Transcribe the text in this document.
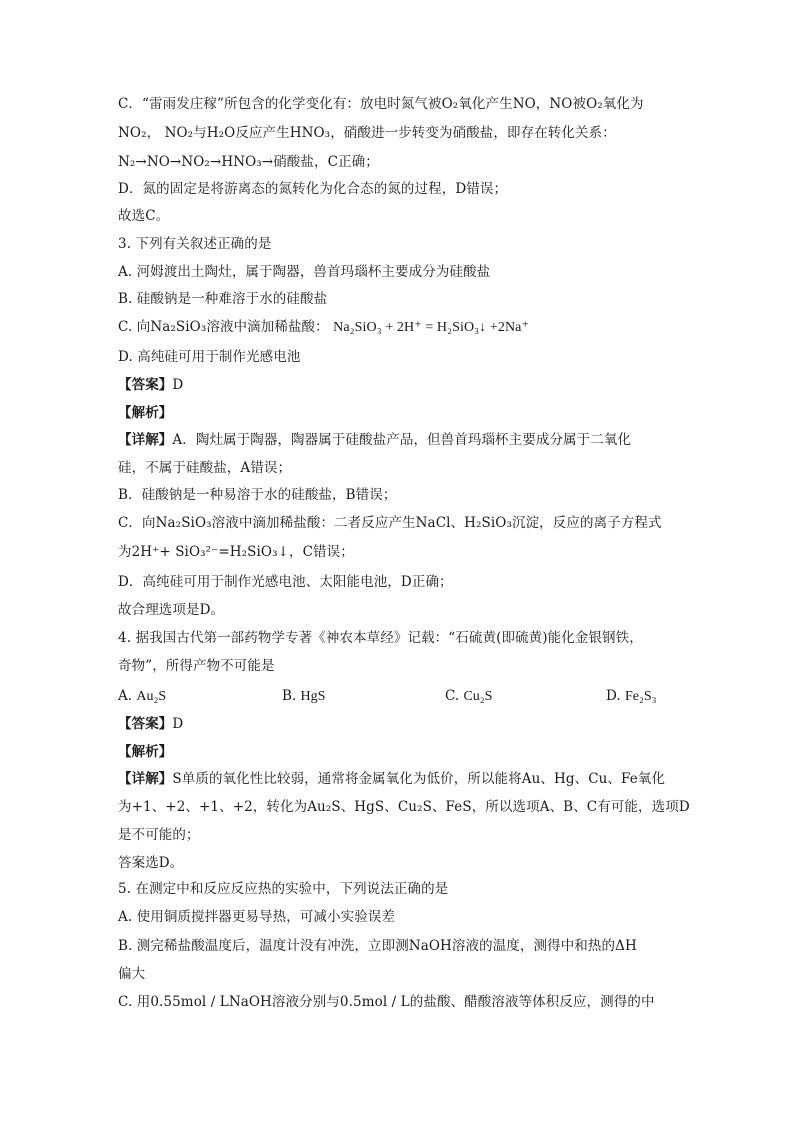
C．“雷雨发庄稼”所包含的化学变化有：放电时氮气被O₂氧化产生NO，NO被O₂氧化为
NO₂， NO₂与H₂O反应产生HNO₃，硝酸进一步转变为硝酸盐，即存在转化关系：
N₂→NO→NO₂→HNO₃→硝酸盐，C正确；
D．氮的固定是将游离态的氮转化为化合态的氮的过程，D错误；
故选C。
3. 下列有关叙述正确的是
A. 河姆渡出土陶灶，属于陶器，兽首玛瑙杯主要成分为硅酸盐
B. 硅酸钠是一种难溶于水的硅酸盐
C. 向Na₂SiO₃溶液中滴加稀盐酸： Na₂SiO₃ + 2H⁺ = H₂SiO₃↓ +2Na⁺
D. 高纯硅可用于制作光感电池
【答案】D
【解析】
【详解】A．陶灶属于陶器，陶器属于硅酸盐产品，但兽首玛瑙杯主要成分属于二氧化
硅，不属于硅酸盐，A错误；
B．硅酸钠是一种易溶于水的硅酸盐，B错误；
C．向Na₂SiO₃溶液中滴加稀盐酸：二者反应产生NaCl、H₂SiO₃沉淀，反应的离子方程式
为2H⁺+ SiO₃²⁻=H₂SiO₃↓，C错误；
D．高纯硅可用于制作光感电池、太阳能电池，D正确；
故合理选项是D。
4. 据我国古代第一部药物学专著《神农本草经》记载：“石硫黄(即硫黄)能化金银钢铁，
奇物”，所得产物不可能是
A. Au₂S	B. HgS	C. Cu₂S	D. Fe₂S₃
【答案】D
【解析】
【详解】S单质的氧化性比较弱，通常将金属氧化为低价，所以能将Au、Hg、Cu、Fe氧化
为+1、+2、+1、+2，转化为Au₂S、HgS、Cu₂S、FeS，所以选项A、B、C有可能，选项D
是不可能的；
答案选D。
5. 在测定中和反应反应热的实验中，下列说法正确的是
A. 使用铜质搅拌器更易导热，可减小实验误差
B. 测完稀盐酸温度后，温度计没有冲洗，立即测NaOH溶液的温度，测得中和热的ΔH
偏大
C. 用0.55mol / LNaOH溶液分别与0.5mol / L的盐酸、醋酸溶液等体积反应，测得的中
